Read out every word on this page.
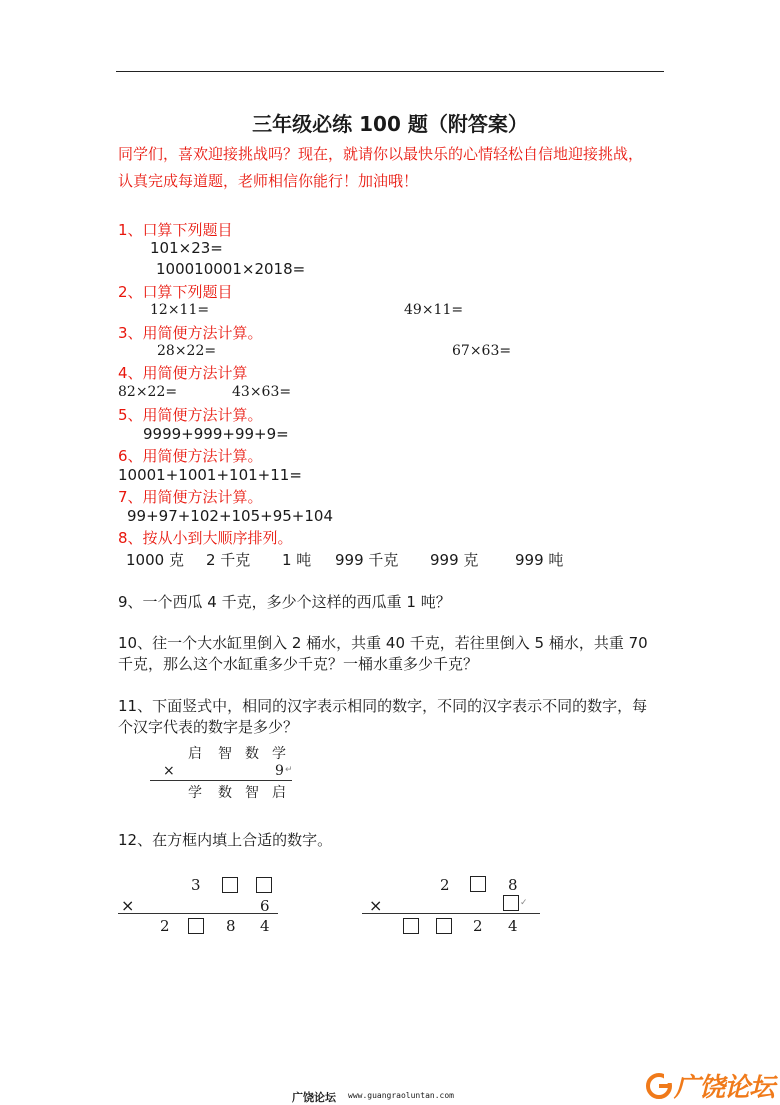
三年级必练 100 题（附答案）
同学们，喜欢迎接挑战吗？现在，就请你以最快乐的心情轻松自信地迎接挑战，
认真完成每道题，老师相信你能行！加油哦！
1、口算下列题目
101×23=
100010001×2018=
2、口算下列题目
12×11=	49×11=
3、用简便方法计算。
28×22=	67×63=
4、用简便方法计算
82×22=	43×63=
5、用简便方法计算。
9999+999+99+9=
6、用简便方法计算。
10001+1001+101+11=
7、用简便方法计算。
99+97+102+105+95+104
8、按从小到大顺序排列。
1000 克 2 千克 1 吨 999 千克 999 克 999 吨
9、一个西瓜 4 千克，多少个这样的西瓜重 1 吨？
10、往一个大水缸里倒入 2 桶水，共重 40 千克，若往里倒入 5 桶水，共重 70
千克，那么这个水缸重多少千克？一桶水重多少千克？
11、下面竖式中，相同的汉字表示相同的数字，不同的汉字表示不同的数字，每
个汉字代表的数字是多少？
启 智 数 学
×	9 ↵
学 数 智 启
12、在方框内填上合适的数字。
3
×	6
2	8 4
2	8
×	✓
2 4
广饶论坛 www.guangraoluntan.com	广饶论坛
